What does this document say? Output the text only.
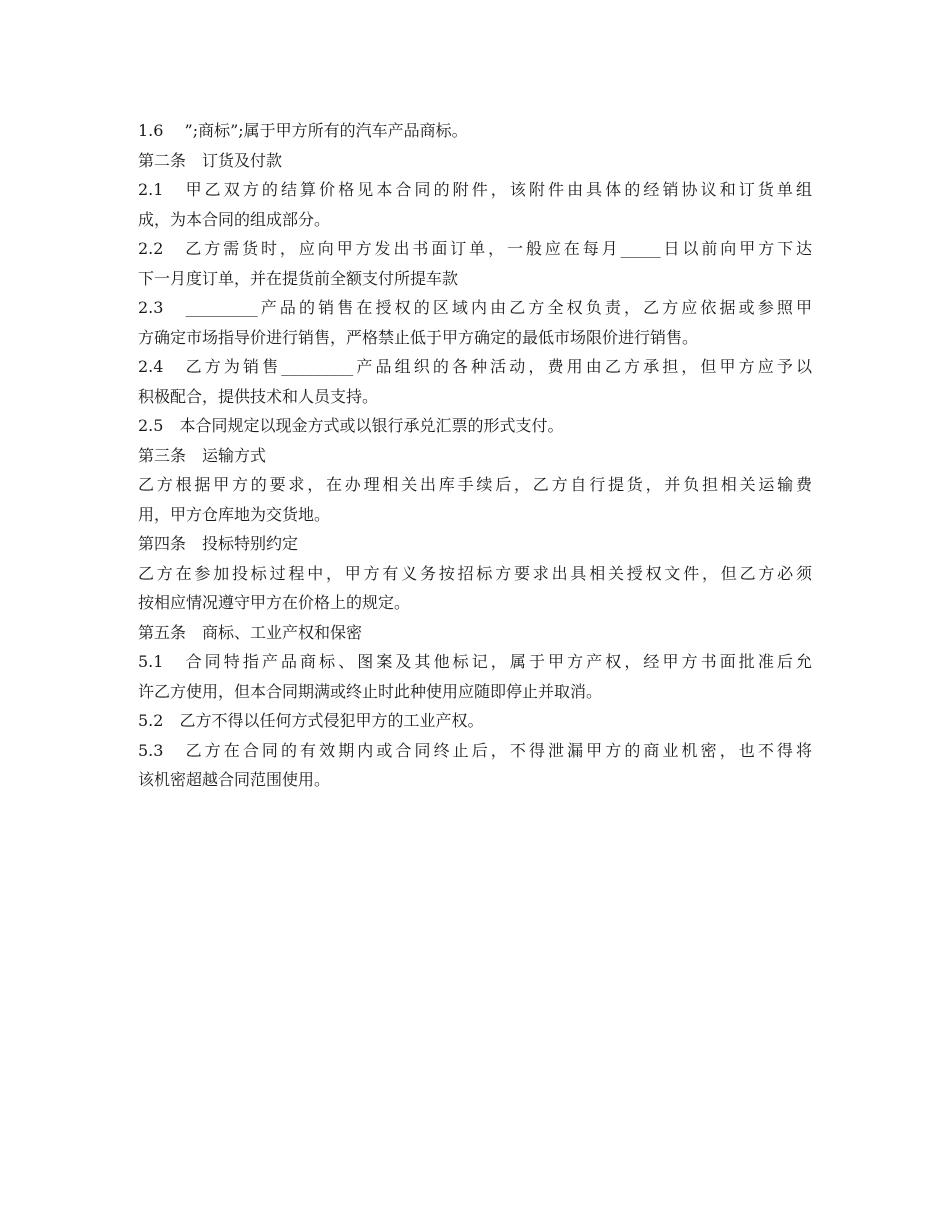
1.6　 ”;商标”;属于甲方所有的汽车产品商标。
第二条　订货及付款
2.1　甲乙双方的结算价格见本合同的附件，该附件由具体的经销协议和订货单组
成，为本合同的组成部分。
2.2　乙方需货时，应向甲方发出书面订单，一般应在每月_____日以前向甲方下达
下一月度订单，并在提货前全额支付所提车款
2.3　_________产品的销售在授权的区域内由乙方全权负责，乙方应依据或参照甲
方确定市场指导价进行销售，严格禁止低于甲方确定的最低市场限价进行销售。
2.4　乙方为销售_________产品组织的各种活动，费用由乙方承担，但甲方应予以
积极配合，提供技术和人员支持。
2.5　本合同规定以现金方式或以银行承兑汇票的形式支付。
第三条　运输方式
乙方根据甲方的要求，在办理相关出库手续后，乙方自行提货，并负担相关运输费
用，甲方仓库地为交货地。
第四条　投标特别约定
乙方在参加投标过程中，甲方有义务按招标方要求出具相关授权文件，但乙方必须
按相应情况遵守甲方在价格上的规定。
第五条　商标、工业产权和保密
5.1　合同特指产品商标、图案及其他标记，属于甲方产权，经甲方书面批准后允
许乙方使用，但本合同期满或终止时此种使用应随即停止并取消。
5.2　乙方不得以任何方式侵犯甲方的工业产权。
5.3　乙方在合同的有效期内或合同终止后，不得泄漏甲方的商业机密，也不得将
该机密超越合同范围使用。
